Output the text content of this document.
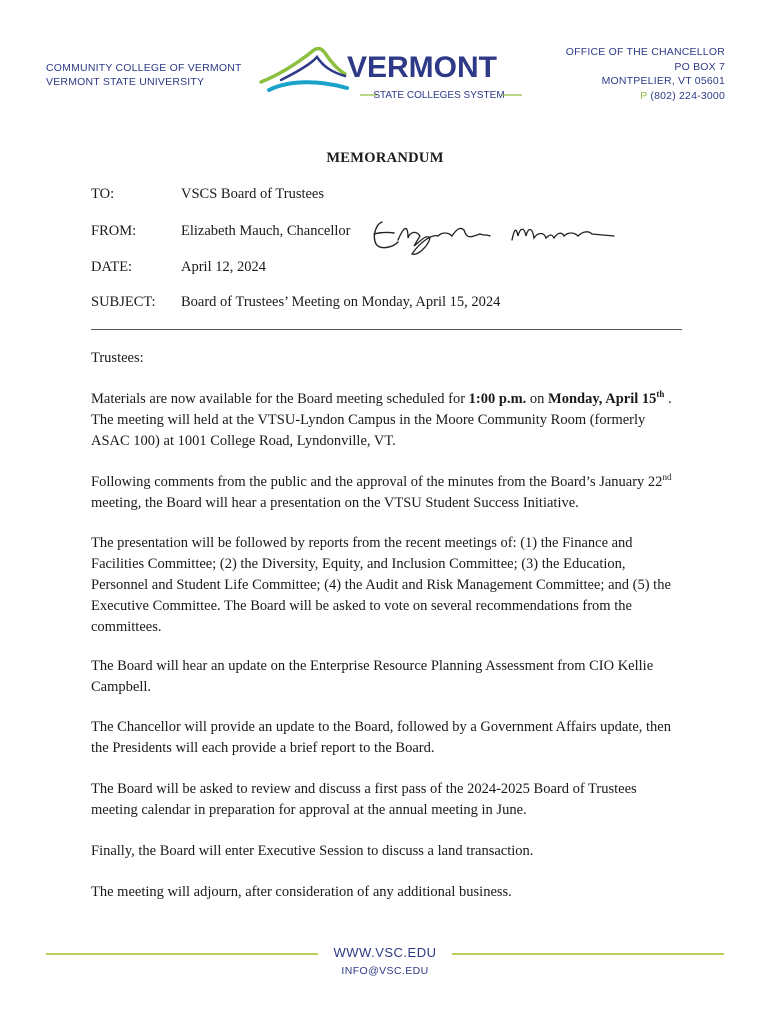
COMMUNITY COLLEGE OF VERMONT
VERMONT STATE UNIVERSITY	VERMONT
STATE COLLEGES SYSTEM
OFFICE OF THE CHANCELLOR
PO BOX 7
MONTPELIER, VT 05601
P (802) 224-3000
MEMORANDUM
TO:	VSCS Board of Trustees
FROM:	Elizabeth Mauch, Chancellor
DATE:	April 12, 2024
SUBJECT: Board of Trustees’ Meeting on Monday, April 15, 2024
Trustees:
Materials are now available for the Board meeting scheduled for 1:00 p.m. on Monday, April 15th . The meeting will held at the VTSU-Lyndon Campus in the Moore Community Room (formerly ASAC 100) at 1001 College Road, Lyndonville, VT.
Following comments from the public and the approval of the minutes from the Board’s January 22nd meeting, the Board will hear a presentation on the VTSU Student Success Initiative.
The presentation will be followed by reports from the recent meetings of: (1) the Finance and Facilities Committee; (2) the Diversity, Equity, and Inclusion Committee; (3) the Education, Personnel and Student Life Committee; (4) the Audit and Risk Management Committee; and (5) the Executive Committee. The Board will be asked to vote on several recommendations from the committees.
The Board will hear an update on the Enterprise Resource Planning Assessment from CIO Kellie Campbell.
The Chancellor will provide an update to the Board, followed by a Government Affairs update, then the Presidents will each provide a brief report to the Board.
The Board will be asked to review and discuss a first pass of the 2024-2025 Board of Trustees meeting calendar in preparation for approval at the annual meeting in June.
Finally, the Board will enter Executive Session to discuss a land transaction.
The meeting will adjourn, after consideration of any additional business.
WWW.VSC.EDU
INFO@VSC.EDU
